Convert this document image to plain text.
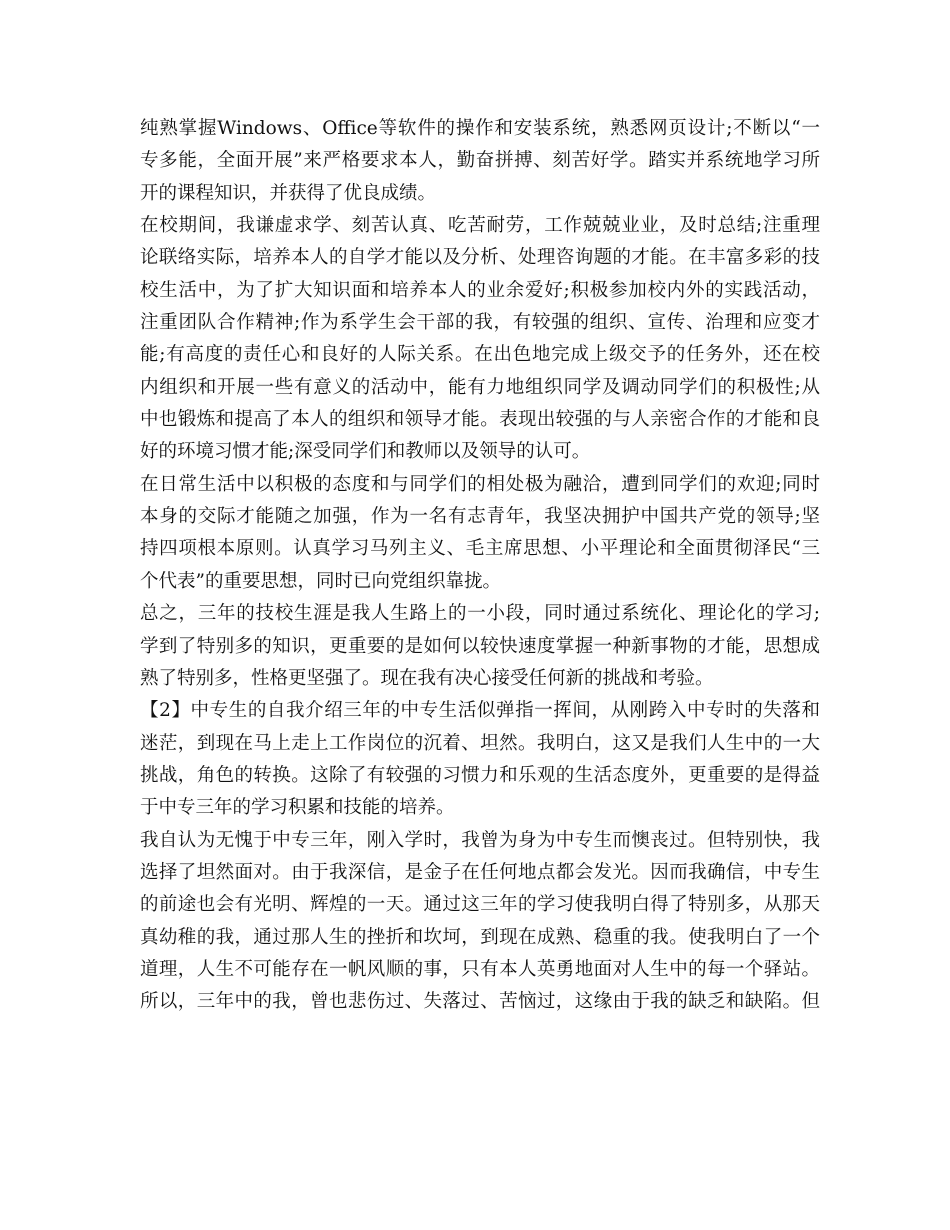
纯熟掌握Windows、Office等软件的操作和安装系统，熟悉网页设计;不断以“一
专多能，全面开展”来严格要求本人，勤奋拼搏、刻苦好学。踏实并系统地学习所
开的课程知识，并获得了优良成绩。
在校期间，我谦虚求学、刻苦认真、吃苦耐劳，工作兢兢业业，及时总结;注重理
论联络实际，培养本人的自学才能以及分析、处理咨询题的才能。在丰富多彩的技
校生活中，为了扩大知识面和培养本人的业余爱好;积极参加校内外的实践活动，
注重团队合作精神;作为系学生会干部的我，有较强的组织、宣传、治理和应变才
能;有高度的责任心和良好的人际关系。在出色地完成上级交予的任务外，还在校
内组织和开展一些有意义的活动中，能有力地组织同学及调动同学们的积极性;从
中也锻炼和提高了本人的组织和领导才能。表现出较强的与人亲密合作的才能和良
好的环境习惯才能;深受同学们和教师以及领导的认可。
在日常生活中以积极的态度和与同学们的相处极为融洽，遭到同学们的欢迎;同时
本身的交际才能随之加强，作为一名有志青年，我坚决拥护中国共产党的领导;坚
持四项根本原则。认真学习马列主义、毛主席思想、小平理论和全面贯彻泽民“三
个代表”的重要思想，同时已向党组织靠拢。
总之，三年的技校生涯是我人生路上的一小段，同时通过系统化、理论化的学习;
学到了特别多的知识，更重要的是如何以较快速度掌握一种新事物的才能，思想成
熟了特别多，性格更坚强了。现在我有决心接受任何新的挑战和考验。
【2】中专生的自我介绍三年的中专生活似弹指一挥间，从刚跨入中专时的失落和
迷茫，到现在马上走上工作岗位的沉着、坦然。我明白，这又是我们人生中的一大
挑战，角色的转换。这除了有较强的习惯力和乐观的生活态度外，更重要的是得益
于中专三年的学习积累和技能的培养。
我自认为无愧于中专三年，刚入学时，我曾为身为中专生而懊丧过。但特别快，我
选择了坦然面对。由于我深信，是金子在任何地点都会发光。因而我确信，中专生
的前途也会有光明、辉煌的一天。通过这三年的学习使我明白得了特别多，从那天
真幼稚的我，通过那人生的挫折和坎坷，到现在成熟、稳重的我。使我明白了一个
道理，人生不可能存在一帆风顺的事，只有本人英勇地面对人生中的每一个驿站。
所以，三年中的我，曾也悲伤过、失落过、苦恼过，这缘由于我的缺乏和缺陷。但
